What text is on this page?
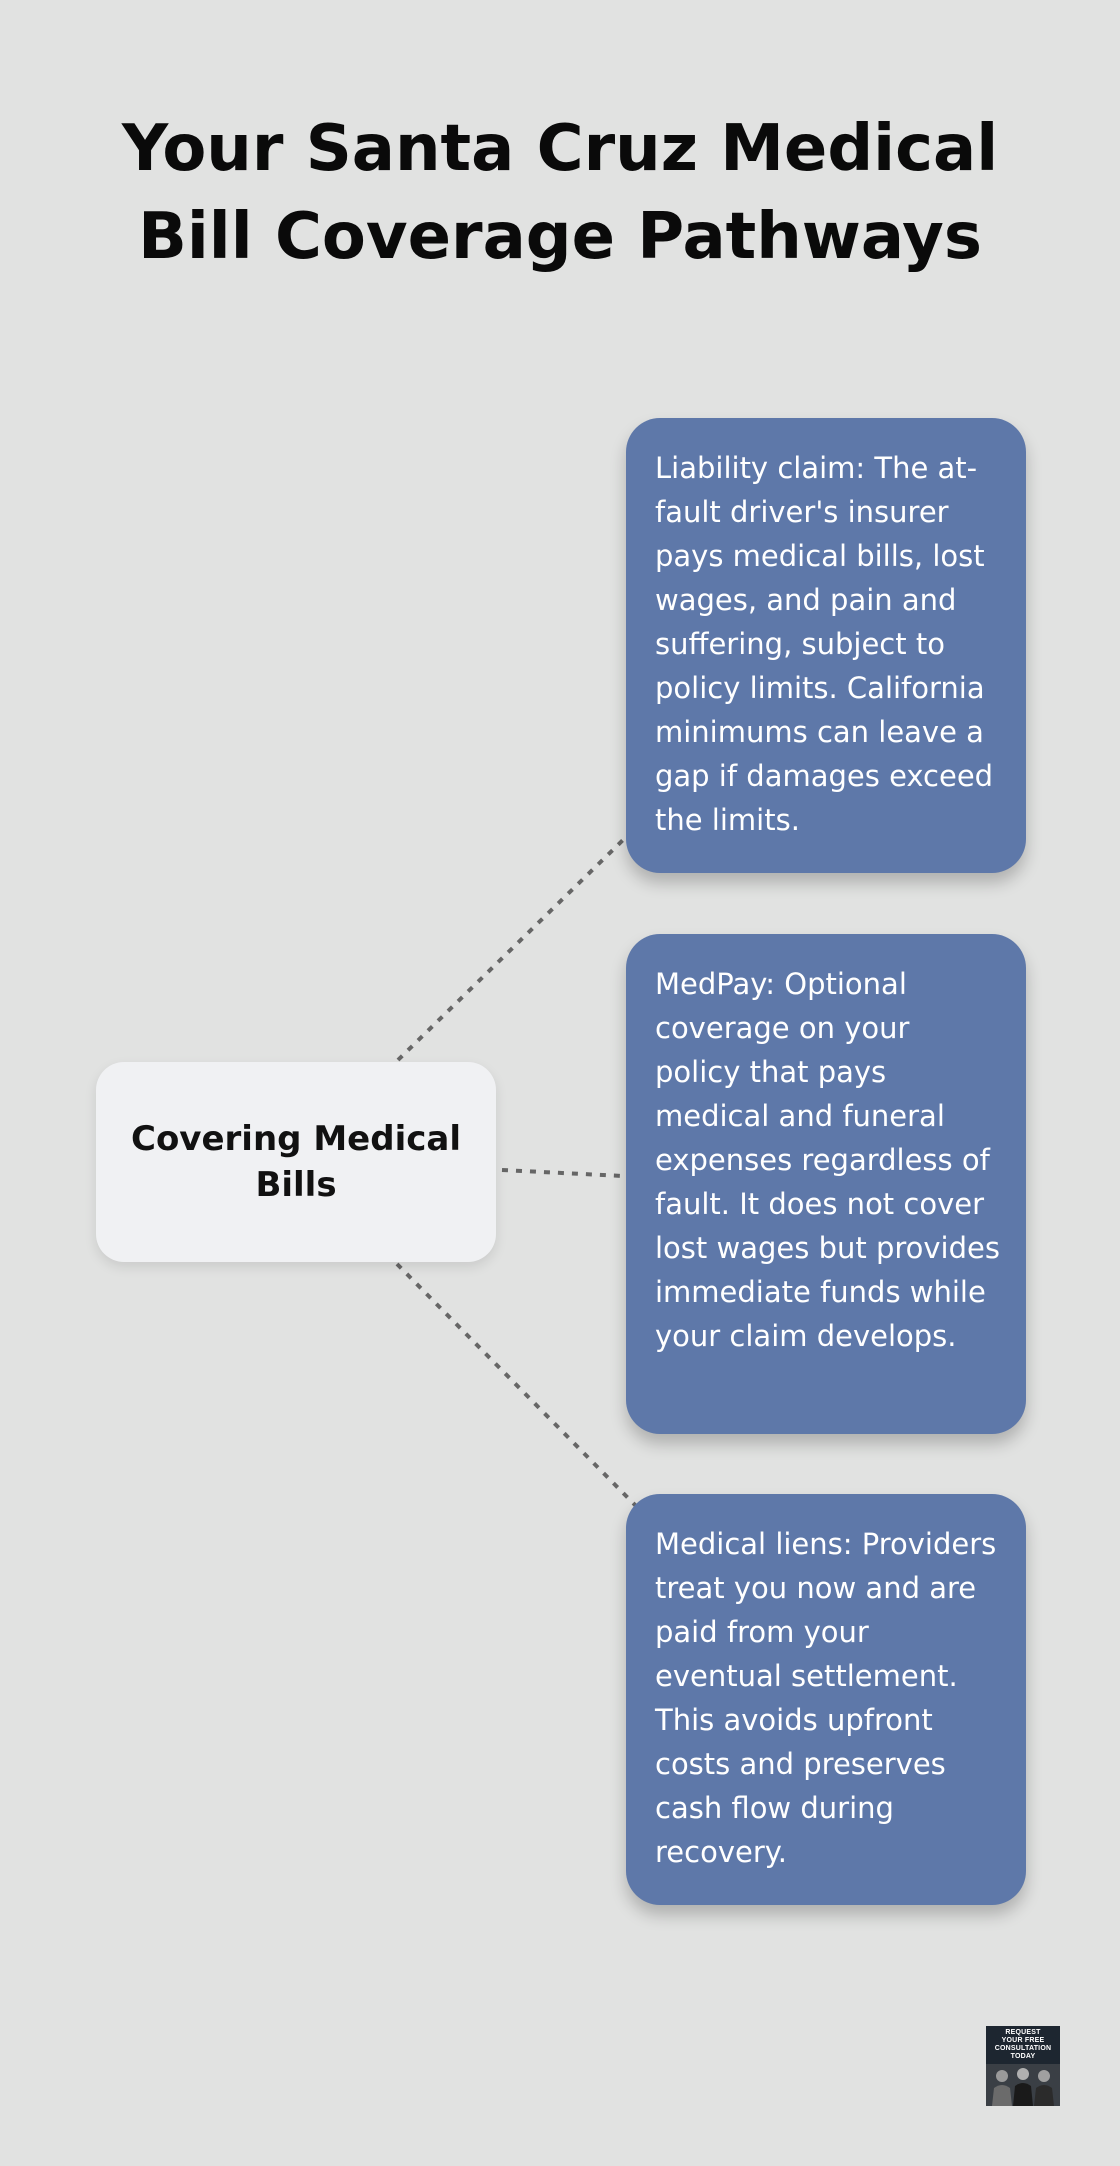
Your Santa Cruz Medical Bill Coverage Pathways
Covering Medical Bills
Liability claim: The at-fault driver's insurer pays medical bills, lost wages, and pain and suffering, subject to policy limits. California minimums can leave a gap if damages exceed the limits.
MedPay: Optional coverage on your policy that pays medical and funeral expenses regardless of fault. It does not cover lost wages but provides immediate funds while your claim develops.
Medical liens: Providers treat you now and are paid from your eventual settlement. This avoids upfront costs and preserves cash flow during recovery.
REQUEST
YOUR FREE
CONSULTATION
TODAY
